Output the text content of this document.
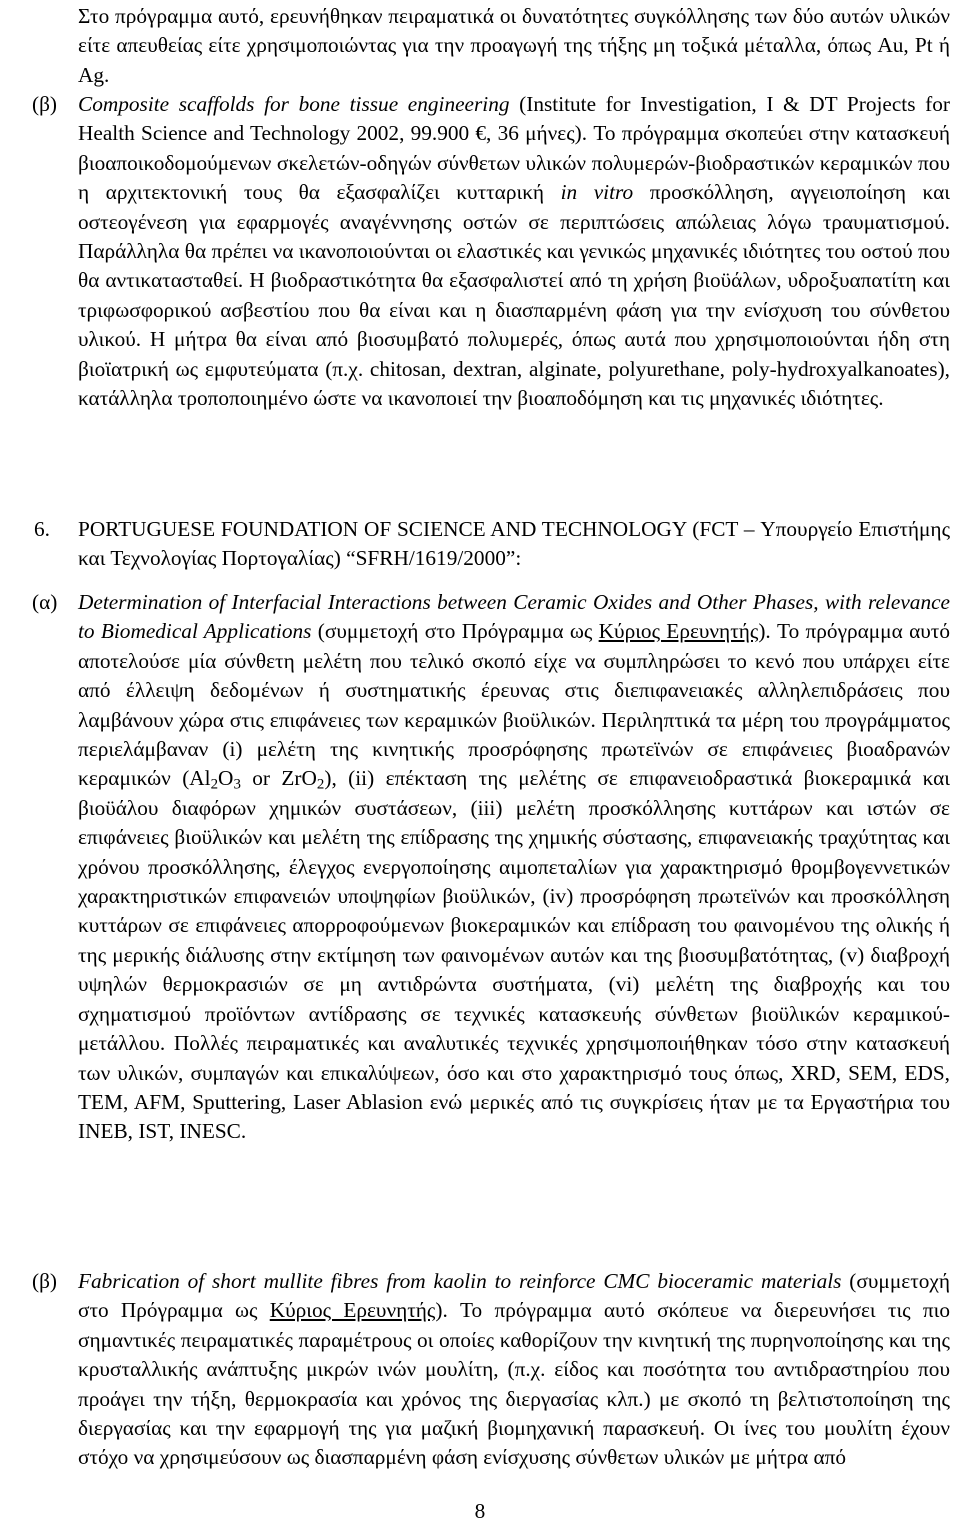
Στο πρόγραμμα αυτό, ερευνήθηκαν πειραματικά οι δυνατότητες συγκόλλησης των δύο αυτών υλικών είτε απευθείας είτε χρησιμοποιώντας για την προαγωγή της τήξης μη τοξικά μέταλλα, όπως Au, Pt ή Ag.
(β) Composite scaffolds for bone tissue engineering (Institute for Investigation, I & DT Projects for Health Science and Technology 2002, 99.900 €, 36 μήνες). Το πρόγραμμα σκοπεύει στην κατασκευή βιοαποικοδομούμενων σκελετών-οδηγών σύνθετων υλικών πολυμερών-βιοδραστικών κεραμικών που η αρχιτεκτονική τους θα εξασφαλίζει κυτταρική in vitro προσκόλληση, αγγειοποίηση και οστεογένεση για εφαρμογές αναγέννησης οστών σε περιπτώσεις απώλειας λόγω τραυματισμού. Παράλληλα θα πρέπει να ικανοποιούνται οι ελαστικές και γενικώς μηχανικές ιδιότητες του οστού που θα αντικατασταθεί. Η βιοδραστικότητα θα εξασφαλιστεί από τη χρήση βιοϋάλων, υδροξυαπατίτη και τριφωσφορικού ασβεστίου που θα είναι και η διασπαρμένη φάση για την ενίσχυση του σύνθετου υλικού. Η μήτρα θα είναι από βιοσυμβατό πολυμερές, όπως αυτά που χρησιμοποιούνται ήδη στη βιοϊατρική ως εμφυτεύματα (π.χ. chitosan, dextran, alginate, polyurethane, poly-hydroxyalkanoates), κατάλληλα τροποποιημένο ώστε να ικανοποιεί την βιοαποδόμηση και τις μηχανικές ιδιότητες.
6. PORTUGUESE FOUNDATION OF SCIENCE AND TECHNOLOGY (FCT – Υπουργείο Επιστήμης και Τεχνολογίας Πορτογαλίας) “SFRH/1619/2000”:
(α) Determination of Interfacial Interactions between Ceramic Oxides and Other Phases, with relevance to Biomedical Applications (συμμετοχή στο Πρόγραμμα ως Κύριος Ερευνητής). Το πρόγραμμα αυτό αποτελούσε μία σύνθετη μελέτη που τελικό σκοπό είχε να συμπληρώσει το κενό που υπάρχει είτε από έλλειψη δεδομένων ή συστηματικής έρευνας στις διεπιφανειακές αλληλεπιδράσεις που λαμβάνουν χώρα στις επιφάνειες των κεραμικών βιοϋλικών. Περιληπτικά τα μέρη του προγράμματος περιελάμβαναν (i) μελέτη της κινητικής προσρόφησης πρωτεϊνών σε επιφάνειες βιοαδρανών κεραμικών ($Al_2O_3$ or ZrO$_2$), (ii) επέκταση της μελέτης σε επιφανειοδραστικά βιοκεραμικά και βιοϋάλου διαφόρων χημικών συστάσεων, (iii) μελέτη προσκόλλησης κυττάρων και ιστών σε επιφάνειες βιοϋλικών και μελέτη της επίδρασης της χημικής σύστασης, επιφανειακής τραχύτητας και χρόνου προσκόλλησης, έλεγχος ενεργοποίησης αιμοπεταλίων για χαρακτηρισμό θρομβογεννετικών χαρακτηριστικών επιφανειών υποψηφίων βιοϋλικών, (iv) προσρόφηση πρωτεϊνών και προσκόλληση κυττάρων σε επιφάνειες απορροφούμενων βιοκεραμικών και επίδραση του φαινομένου της ολικής ή της μερικής διάλυσης στην εκτίμηση των φαινομένων αυτών και της βιοσυμβατότητας, (v) διαβροχή υψηλών θερμοκρασιών σε μη αντιδρώντα συστήματα, (vi) μελέτη της διαβροχής και του σχηματισμού προϊόντων αντίδρασης σε τεχνικές κατασκευής σύνθετων βιοϋλικών κεραμικού-μετάλλου. Πολλές πειραματικές και αναλυτικές τεχνικές χρησιμοποιήθηκαν τόσο στην κατασκευή των υλικών, συμπαγών και επικαλύψεων, όσο και στο χαρακτηρισμό τους όπως, XRD, SEM, EDS, TEM, AFM, Sputtering, Laser Ablasion ενώ μερικές από τις συγκρίσεις ήταν με τα Εργαστήρια του INEB, IST, INESC.
(β) Fabrication of short mullite fibres from kaolin to reinforce CMC bioceramic materials (συμμετοχή στο Πρόγραμμα ως Κύριος Ερευνητής). Το πρόγραμμα αυτό σκόπευε να διερευνήσει τις πιο σημαντικές πειραματικές παραμέτρους οι οποίες καθορίζουν την κινητική της πυρηνοποίησης και της κρυσταλλικής ανάπτυξης μικρών ινών μουλίτη, (π.χ. είδος και ποσότητα του αντιδραστηρίου που προάγει την τήξη, θερμοκρασία και χρόνος της διεργασίας κλπ.) με σκοπό τη βελτιστοποίηση της διεργασίας και την εφαρμογή της για μαζική βιομηχανική παρασκευή. Οι ίνες του μουλίτη έχουν στόχο να χρησιμεύσουν ως διασπαρμένη φάση ενίσχυσης σύνθετων υλικών με μήτρα από
8
